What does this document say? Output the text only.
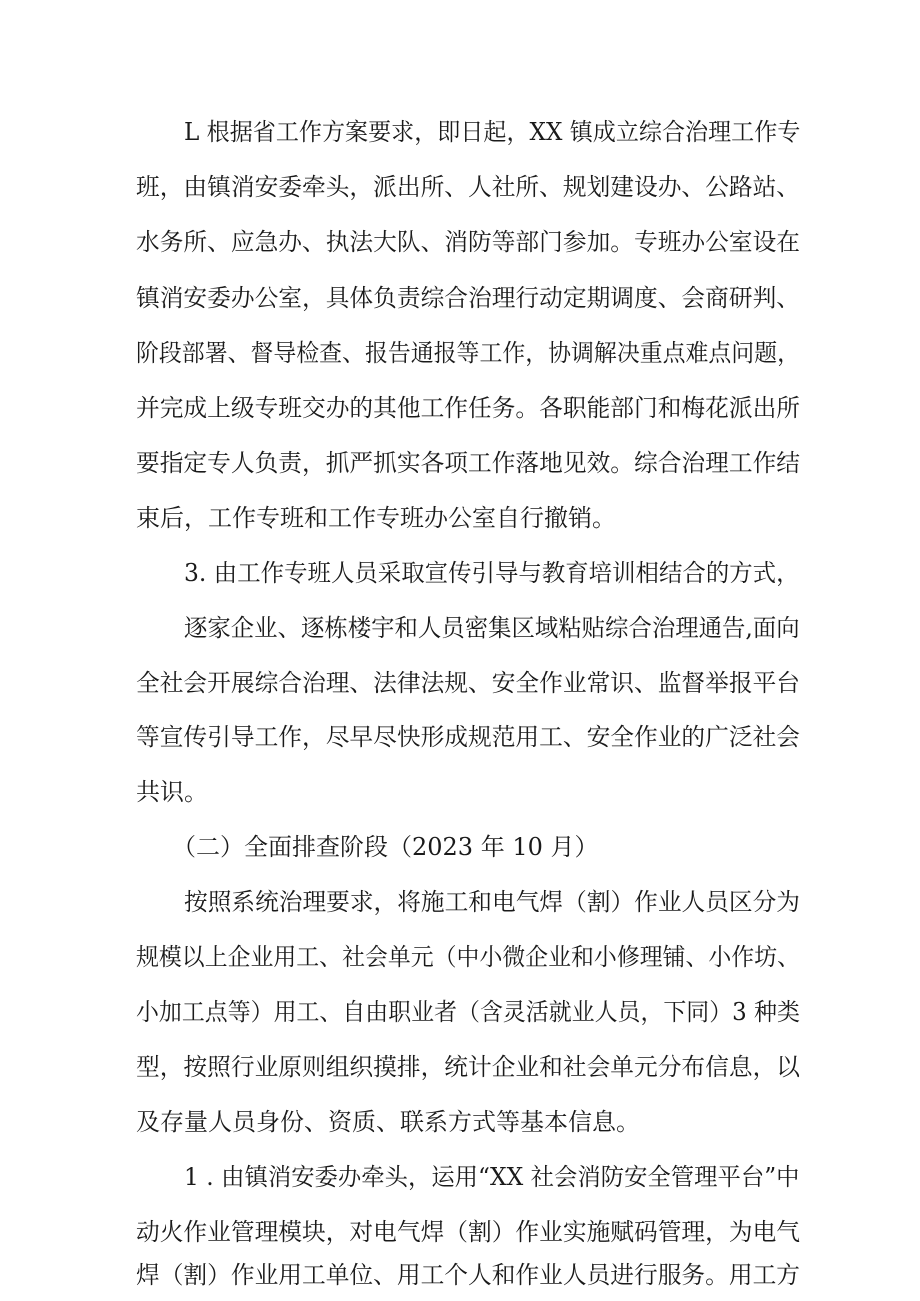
L 根据省工作方案要求，即日起，XX 镇成立综合治理工作专

班，由镇消安委牵头，派出所、人社所、规划建设办、公路站、

水务所、应急办、执法大队、消防等部门参加。专班办公室设在

镇消安委办公室，具体负责综合治理行动定期调度、会商研判、

阶段部署、督导检查、报告通报等工作，协调解决重点难点问题，

并完成上级专班交办的其他工作任务。各职能部门和梅花派出所

要指定专人负责，抓严抓实各项工作落地见效。综合治理工作结

束后，工作专班和工作专班办公室自行撤销。

3. 由工作专班人员采取宣传引导与教育培训相结合的方式，

逐家企业、逐栋楼宇和人员密集区域粘贴综合治理通告,面向

全社会开展综合治理、法律法规、安全作业常识、监督举报平台

等宣传引导工作，尽早尽快形成规范用工、安全作业的广泛社会

共识。

（二）全面排查阶段（2023 年 10 月）

按照系统治理要求，将施工和电气焊（割）作业人员区分为

规模以上企业用工、社会单元（中小微企业和小修理铺、小作坊、

小加工点等）用工、自由职业者（含灵活就业人员，下同）3 种类

型，按照行业原则组织摸排，统计企业和社会单元分布信息，以

及存量人员身份、资质、联系方式等基本信息。

1 . 由镇消安委办牵头，运用“XX 社会消防安全管理平台”中

动火作业管理模块，对电气焊（割）作业实施赋码管理，为电气

焊（割）作业用工单位、用工个人和作业人员进行服务。用工方
